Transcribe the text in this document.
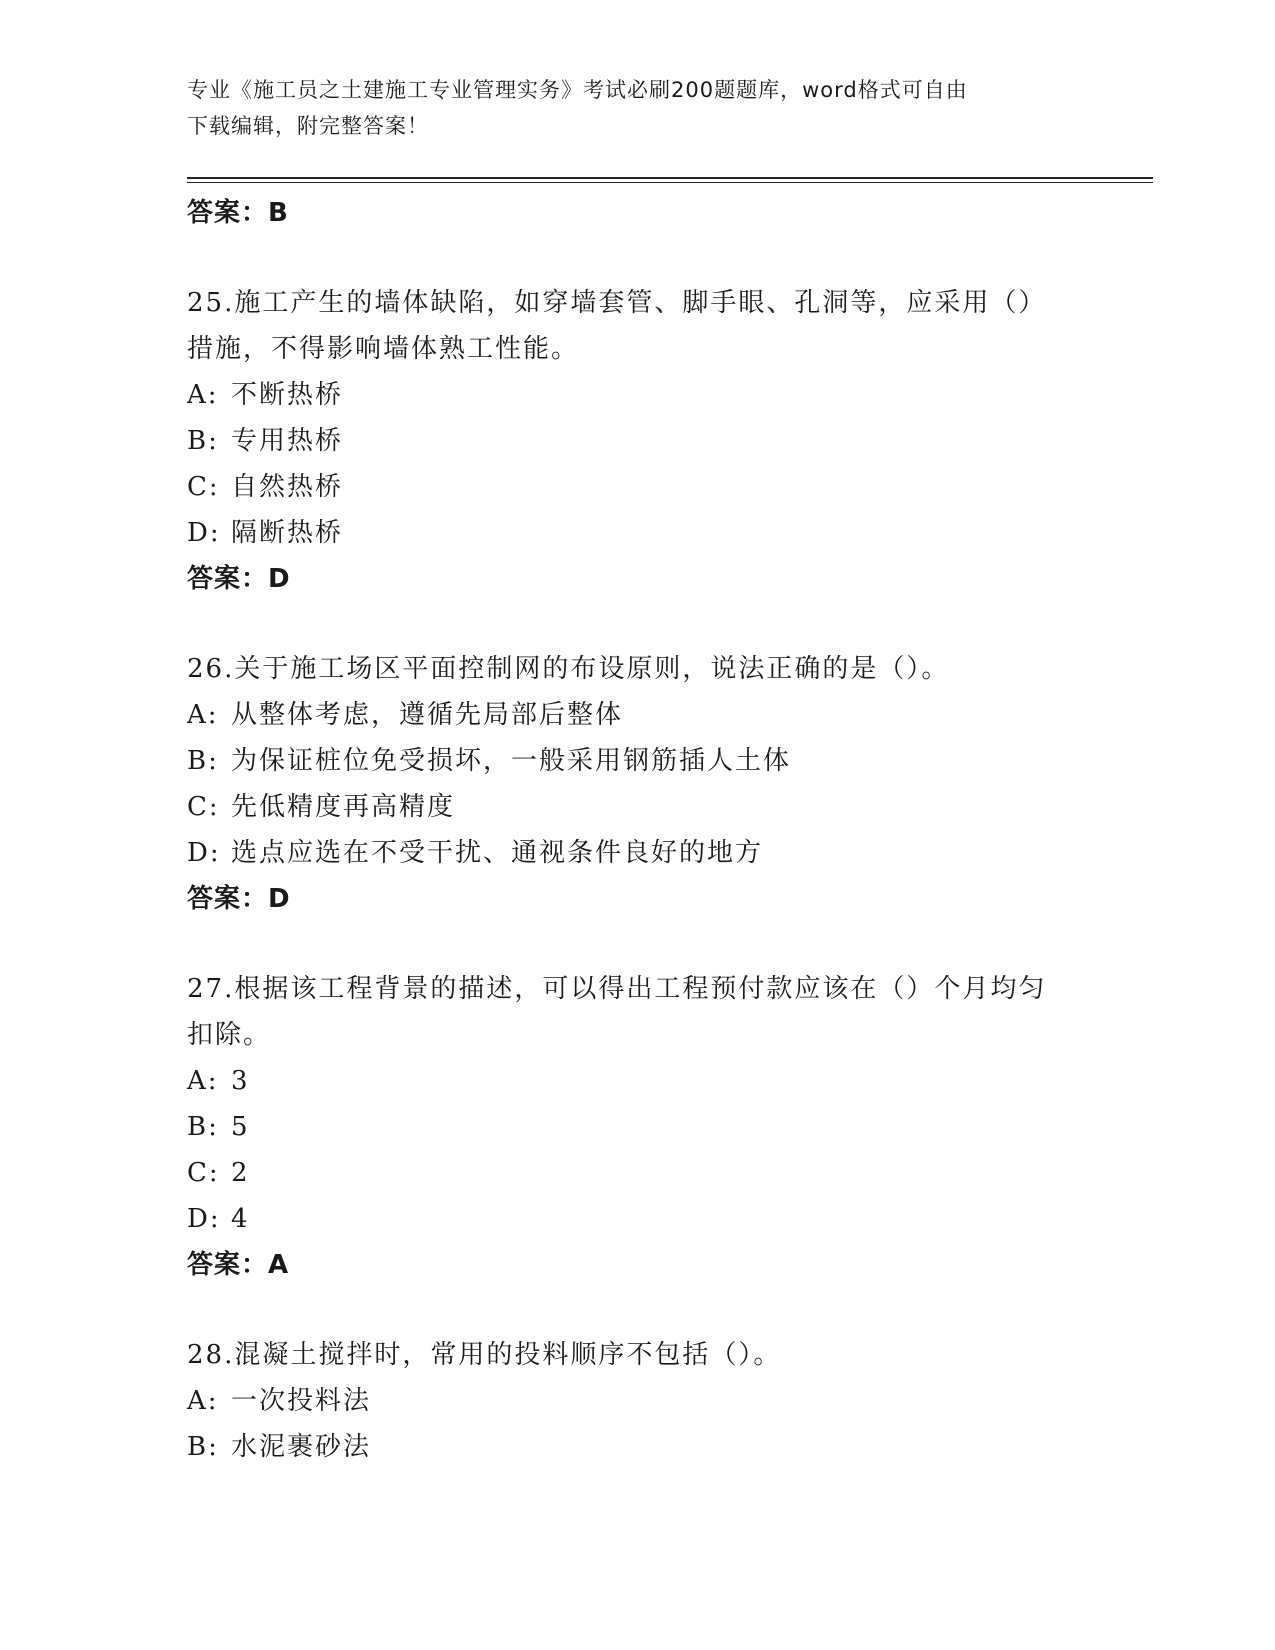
专业《施工员之土建施工专业管理实务》考试必刷200题题库，word格式可自由
下载编辑，附完整答案！
答案：B
25.施工产生的墙体缺陷，如穿墙套管、脚手眼、孔洞等，应采用（）
措施，不得影响墙体熟工性能。
A: 不断热桥
B: 专用热桥
C: 自然热桥
D: 隔断热桥
答案：D
26.关于施工场区平面控制网的布设原则，说法正确的是（）。
A: 从整体考虑，遵循先局部后整体
B: 为保证桩位免受损坏，一般采用钢筋插人土体
C: 先低精度再高精度
D: 选点应选在不受干扰、通视条件良好的地方
答案：D
27.根据该工程背景的描述，可以得出工程预付款应该在（）个月均匀
扣除。
A: 3
B: 5
C: 2
D: 4
答案：A
28.混凝土搅拌时，常用的投料顺序不包括（）。
A: 一次投料法
B: 水泥裹砂法
